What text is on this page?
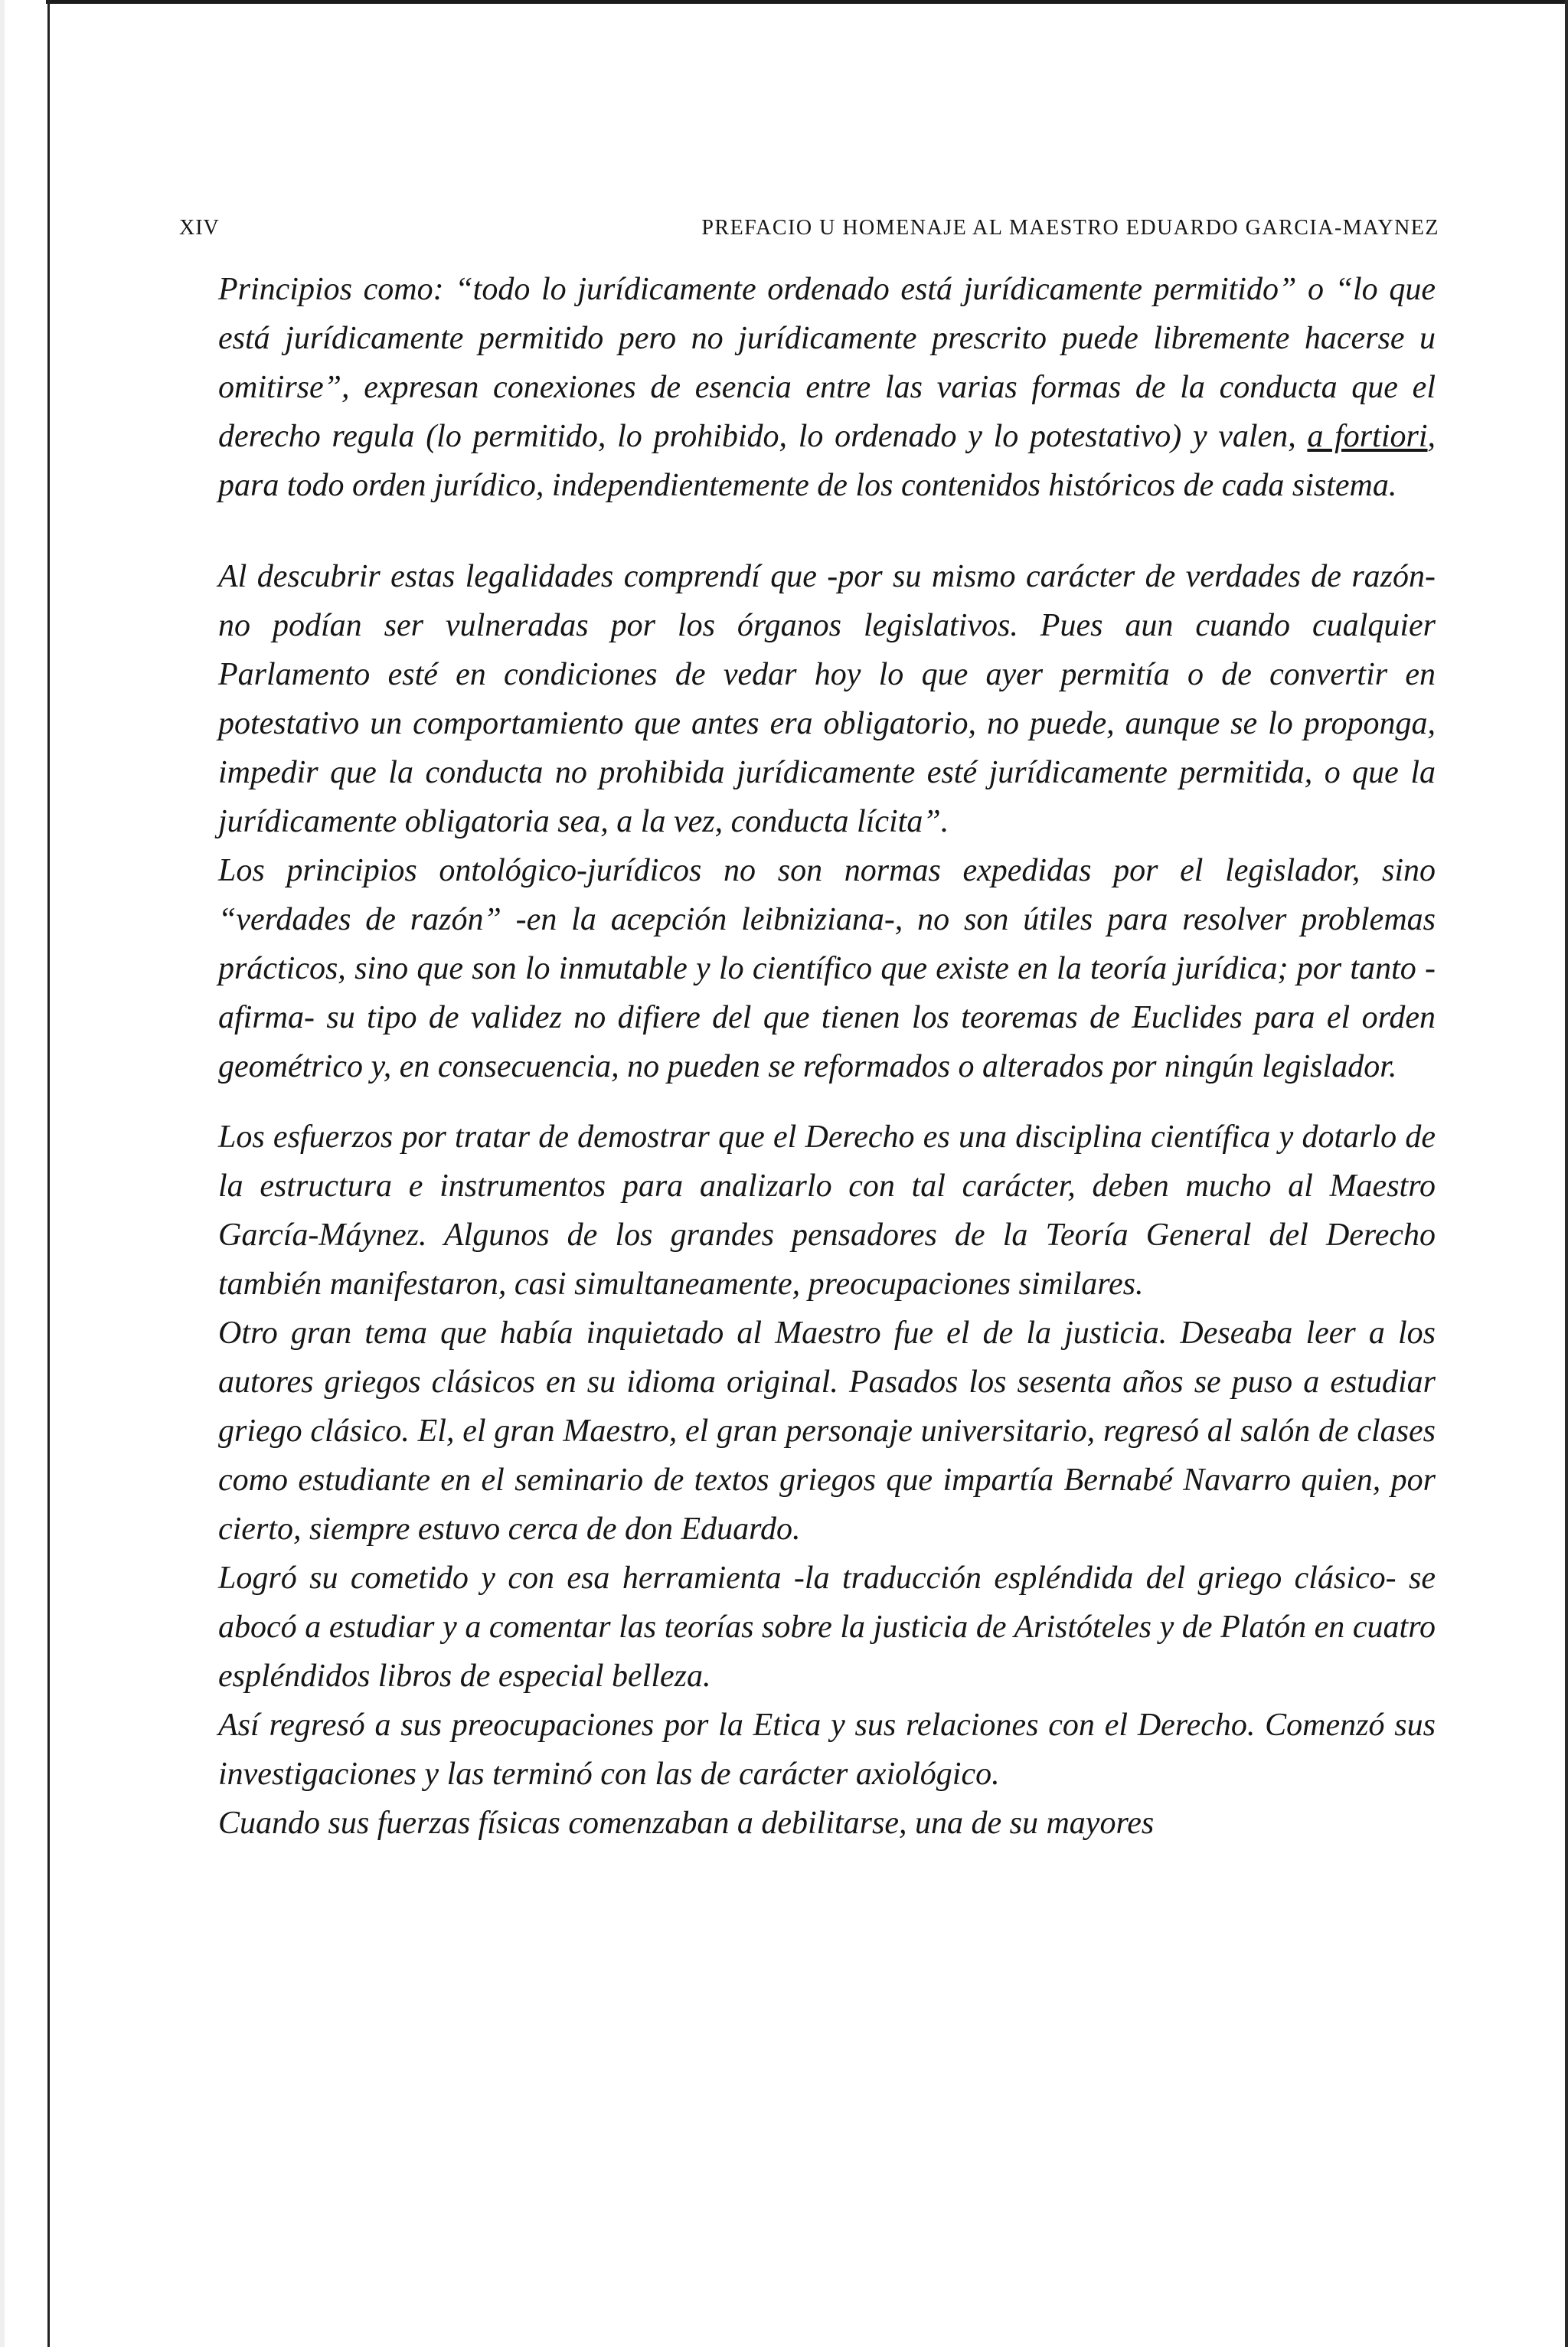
XIV	PREFACIO U HOMENAJE AL MAESTRO EDUARDO GARCIA-MAYNEZ

Principios como: “todo lo jurídicamente ordenado está jurídicamente permitido” o “lo que está jurídicamente permitido pero no jurídicamente prescrito puede libremente hacerse u omitirse”, expresan conexiones de esencia entre las varias formas de la conducta que el derecho regula (lo permitido, lo prohibido, lo ordenado y lo potestativo) y valen, a fortiori, para todo orden jurídico, independientemente de los contenidos históricos de cada sistema.

Al descubrir estas legalidades comprendí que -por su mismo carácter de verdades de razón- no podían ser vulneradas por los órganos legislativos. Pues aun cuando cualquier Parlamento esté en condiciones de vedar hoy lo que ayer permitía o de convertir en potestativo un comportamiento que antes era obligatorio, no puede, aunque se lo proponga, impedir que la conducta no prohibida jurídicamente esté jurídicamente permitida, o que la jurídicamente obligatoria sea, a la vez, conducta lícita”.

Los principios ontológico-jurídicos no son normas expedidas por el legislador, sino “verdades de razón” -en la acepción leibniziana-, no son útiles para resolver problemas prácticos, sino que son lo inmutable y lo científico que existe en la teoría jurídica; por tanto -afirma- su tipo de validez no difiere del que tienen los teoremas de Euclides para el orden geométrico y, en consecuencia, no pueden se reformados o alterados por ningún legislador.

Los esfuerzos por tratar de demostrar que el Derecho es una disciplina científica y dotarlo de la estructura e instrumentos para analizarlo con tal carácter, deben mucho al Maestro García-Máynez. Algunos de los grandes pensadores de la Teoría General del Derecho también manifestaron, casi simultaneamente, preocupaciones similares.

Otro gran tema que había inquietado al Maestro fue el de la justicia. Deseaba leer a los autores griegos clásicos en su idioma original. Pasados los sesenta años se puso a estudiar griego clásico. El, el gran Maestro, el gran personaje universitario, regresó al salón de clases como estudiante en el seminario de textos griegos que impartía Bernabé Navarro quien, por cierto, siempre estuvo cerca de don Eduardo.

Logró su cometido y con esa herramienta -la traducción espléndida del griego clásico- se abocó a estudiar y a comentar las teorías sobre la justicia de Aristóteles y de Platón en cuatro espléndidos libros de especial belleza.

Así regresó a sus preocupaciones por la Etica y sus relaciones con el Derecho. Comenzó sus investigaciones y las terminó con las de carácter axiológico.

Cuando sus fuerzas físicas comenzaban a debilitarse, una de su mayores
